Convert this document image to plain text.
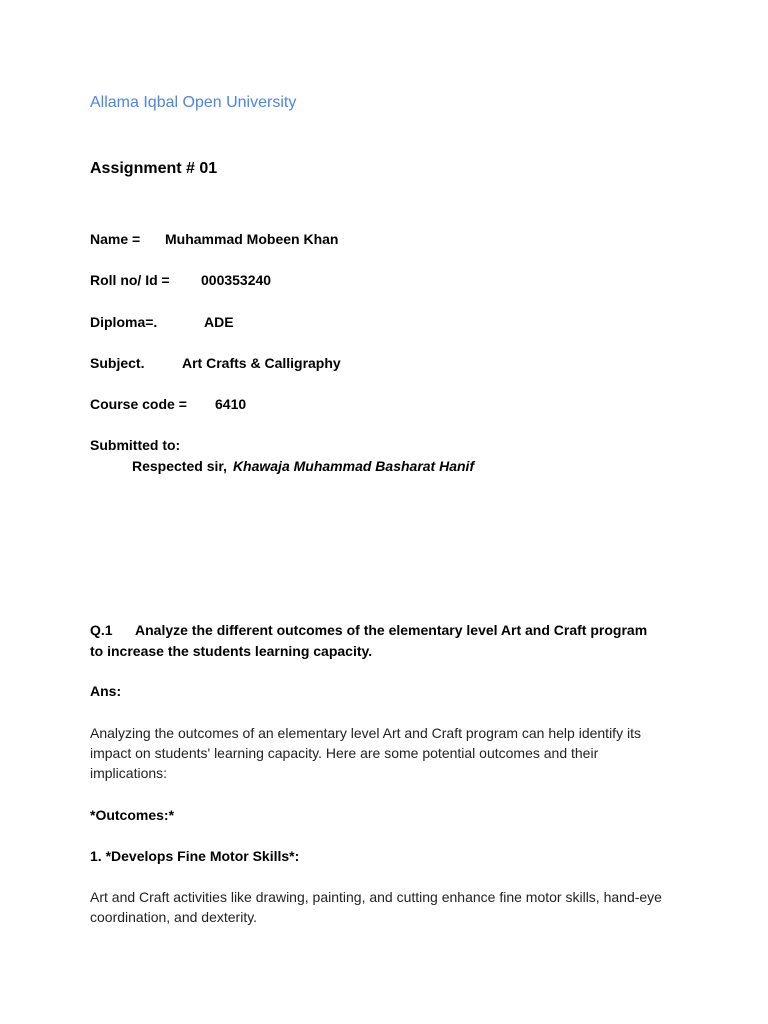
Allama Iqbal Open University
Assignment # 01
Name = Muhammad Mobeen Khan
Roll no/ Id = 000353240
Diploma=.	ADE
Subject.	Art Crafts & Calligraphy
Course code = 6410
Submitted to:
Respected sir, Khawaja Muhammad Basharat Hanif
Q.1 Analyze the different outcomes of the elementary level Art and Craft program to increase the students learning capacity.
Ans:

Analyzing the outcomes of an elementary level Art and Craft program can help identify its impact on students' learning capacity. Here are some potential outcomes and their implications:

*Outcomes:*
1. *Develops Fine Motor Skills*:

Art and Craft activities like drawing, painting, and cutting enhance fine motor skills, hand-eye coordination, and dexterity.
